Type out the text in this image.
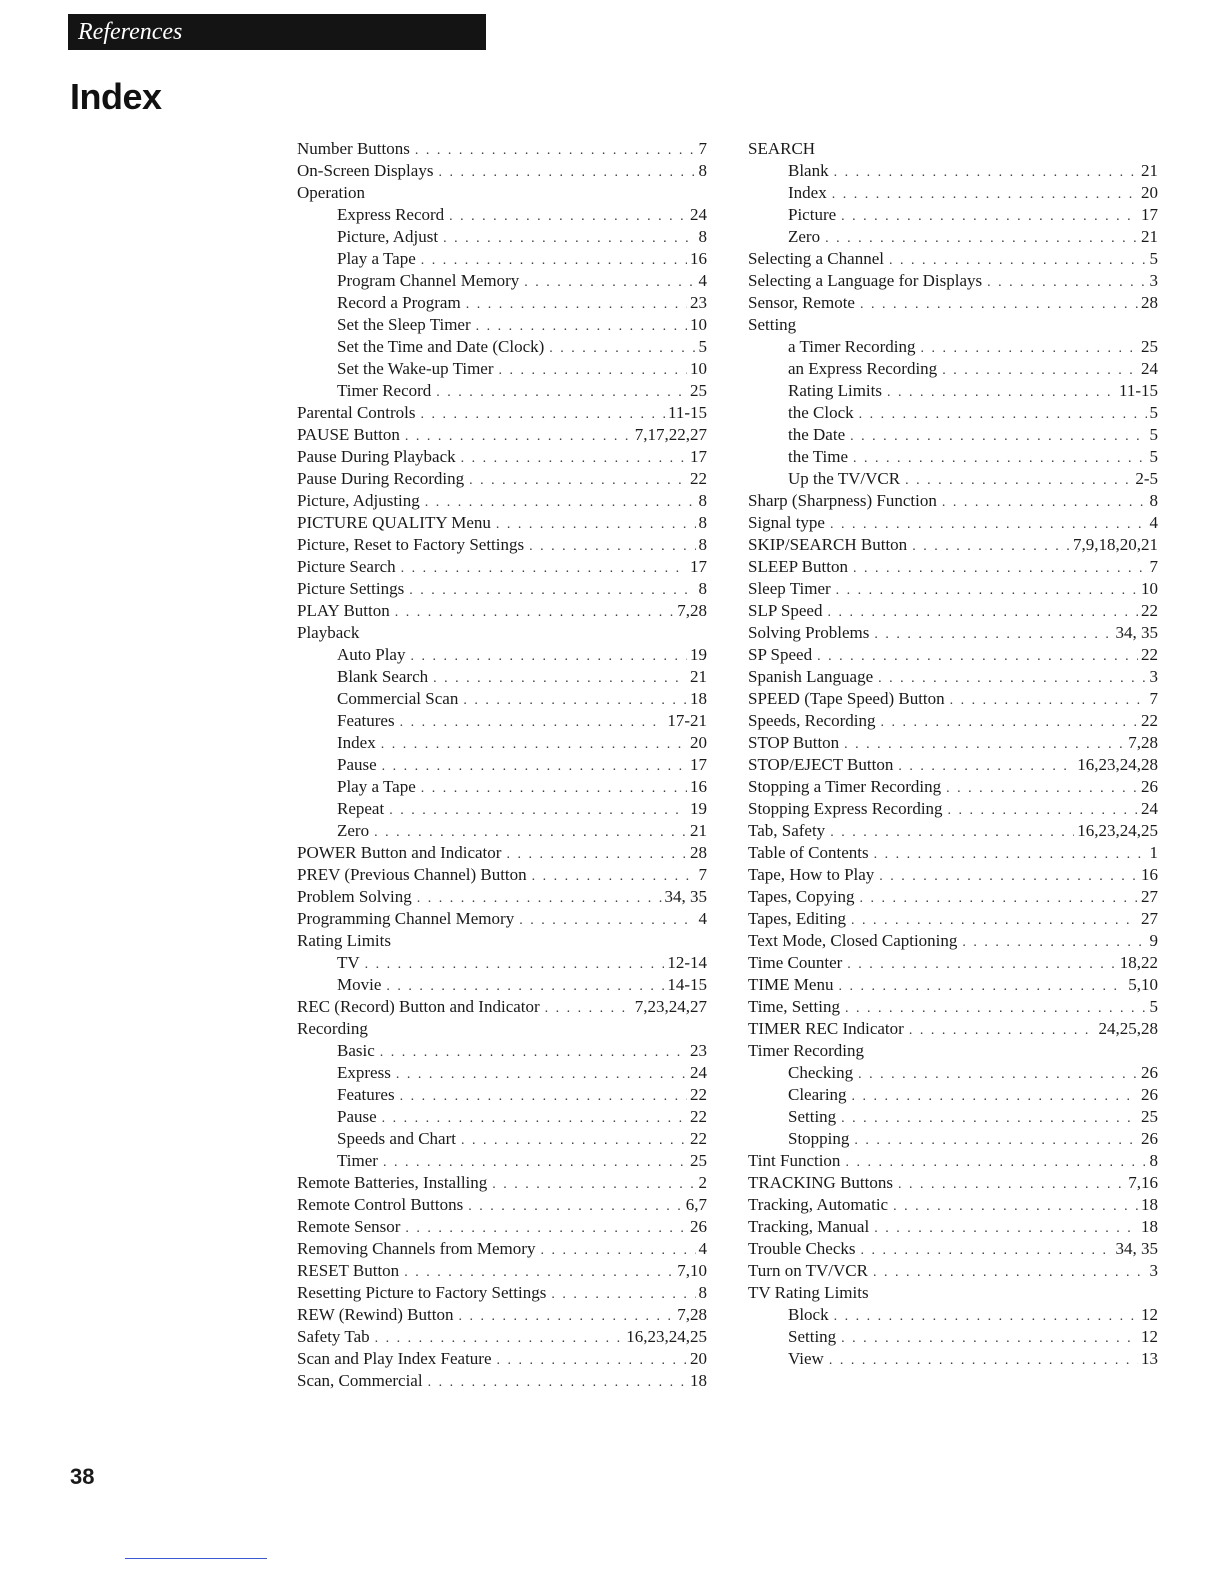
References
Index
Number Buttons . . .	7
On-Screen Displays . . .	8
Operation
Express Record . . .	24
Picture, Adjust . . .	8
Play a Tape . . .	16
Program Channel Memory . . .	4
Record a Program . . .	23
Set the Sleep Timer . . .	10
Set the Time and Date (Clock) . . .	5
Set the Wake-up Timer . . .	10
Timer Record . . .	25
Parental Controls . . .	11-15
PAUSE Button . . .	7,17,22,27
Pause During Playback . . .	17
Pause During Recording . . .	22
Picture, Adjusting . . .	8
PICTURE QUALITY Menu . . .	8
Picture, Reset to Factory Settings . . .	8
Picture Search . . .	17
Picture Settings . . .	8
PLAY Button . . .	7,28
Playback
Auto Play . . .	19
Blank Search . . .	21
Commercial Scan . . .	18
Features . . .	17-21
Index . . .	20
Pause . . .	17
Play a Tape . . .	16
Repeat . . .	19
Zero . . .	21
POWER Button and Indicator . . .	28
PREV (Previous Channel) Button . . .	7
Problem Solving . . .	34, 35
Programming Channel Memory . . .	4
Rating Limits
TV . . .	12-14
Movie . . .	14-15
REC (Record) Button and Indicator . . .	7,23,24,27
Recording
Basic . . .	23
Express . . .	24
Features . . .	22
Pause . . .	22
Speeds and Chart . . .	22
Timer . . .	25
Remote Batteries, Installing . . .	2
Remote Control Buttons . . .	6,7
Remote Sensor . . .	26
Removing Channels from Memory . . .	4
RESET Button . . .	7,10
Resetting Picture to Factory Settings . . .	8
REW (Rewind) Button . . .	7,28
Safety Tab . . .	16,23,24,25
Scan and Play Index Feature . . .	20
Scan, Commercial . . .	18
SEARCH
Blank . . .	21
Index . . .	20
Picture . . .	17
Zero . . .	21
Selecting a Channel . . .	5
Selecting a Language for Displays . . .	3
Sensor, Remote . . .	28
Setting
a Timer Recording . . .	25
an Express Recording . . .	24
Rating Limits . . .	11-15
the Clock . . .	5
the Date . . .	5
the Time . . .	5
Up the TV/VCR . . .	2-5
Sharp (Sharpness) Function . . .	8
Signal type . . .	4
SKIP/SEARCH Button . . .	7,9,18,20,21
SLEEP Button . . .	7
Sleep Timer . . .	10
SLP Speed . . .	22
Solving Problems . . .	34, 35
SP Speed . . .	22
Spanish Language . . .	3
SPEED (Tape Speed) Button . . .	7
Speeds, Recording . . .	22
STOP Button . . .	7,28
STOP/EJECT Button . . .	16,23,24,28
Stopping a Timer Recording . . .	26
Stopping Express Recording . . .	24
Tab, Safety . . .	16,23,24,25
Table of Contents . . .	1
Tape, How to Play . . .	16
Tapes, Copying . . .	27
Tapes, Editing . . .	27
Text Mode, Closed Captioning . . .	9
Time Counter . . .	18,22
TIME Menu . . .	5,10
Time, Setting . . .	5
TIMER REC Indicator . . .	24,25,28
Timer Recording
Checking . . .	26
Clearing . . .	26
Setting . . .	25
Stopping . . .	26
Tint Function . . .	8
TRACKING Buttons . . .	7,16
Tracking, Automatic . . .	18
Tracking, Manual . . .	18
Trouble Checks . . .	34, 35
Turn on TV/VCR . . .	3
TV Rating Limits
Block . . .	12
Setting . . .	12
View . . .	13
38
